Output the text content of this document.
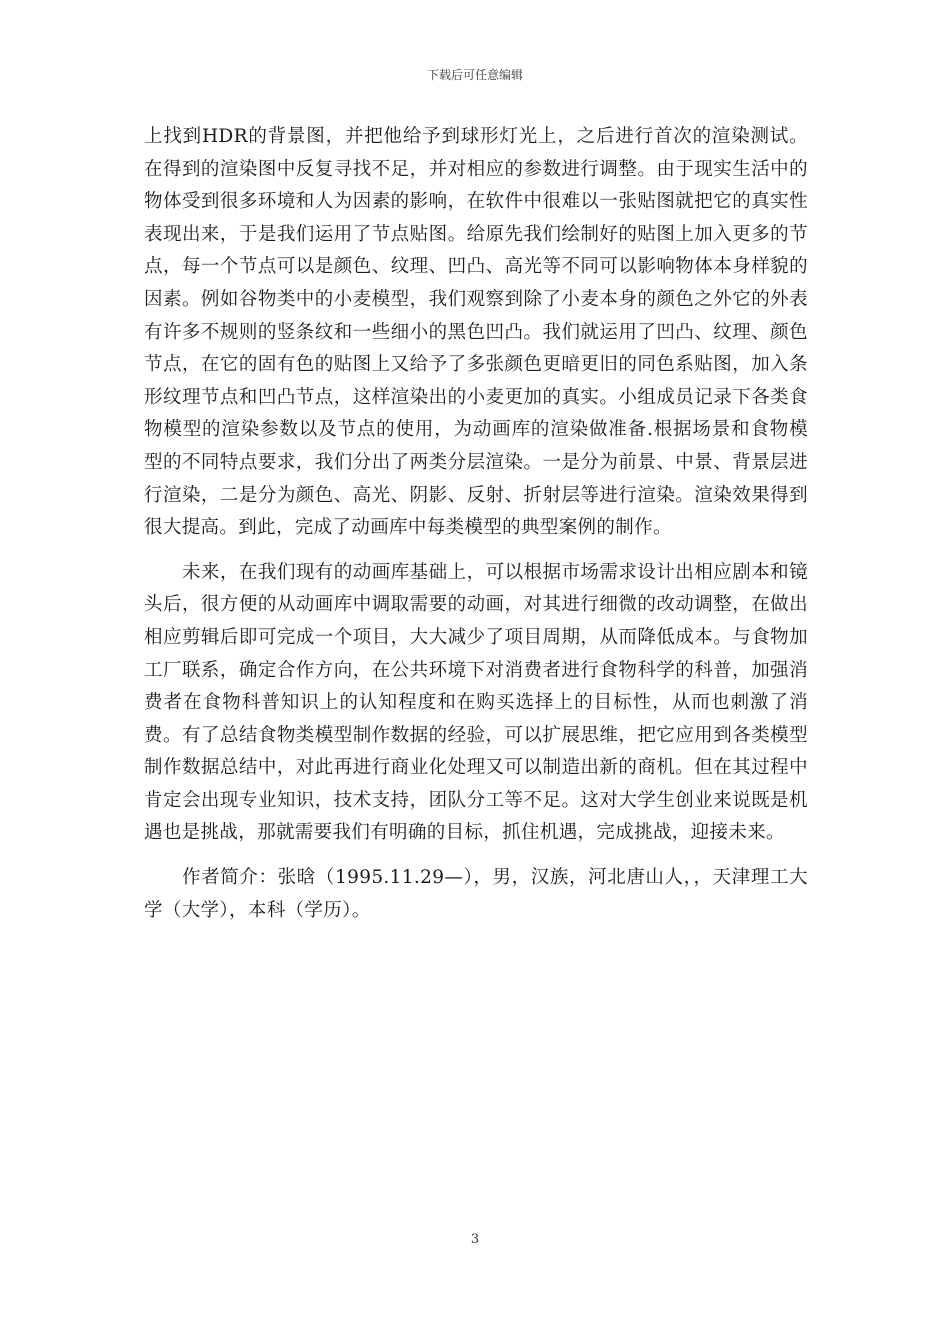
下载后可任意编辑

上找到HDR的背景图，并把他给予到球形灯光上，之后进行首次的渲染测试。在得到的渲染图中反复寻找不足，并对相应的参数进行调整。由于现实生活中的物体受到很多环境和人为因素的影响，在软件中很难以一张贴图就把它的真实性表现出来，于是我们运用了节点贴图。给原先我们绘制好的贴图上加入更多的节点，每一个节点可以是颜色、纹理、凹凸、高光等不同可以影响物体本身样貌的因素。例如谷物类中的小麦模型，我们观察到除了小麦本身的颜色之外它的外表有许多不规则的竖条纹和一些细小的黑色凹凸。我们就运用了凹凸、纹理、颜色节点，在它的固有色的贴图上又给予了多张颜色更暗更旧的同色系贴图，加入条形纹理节点和凹凸节点，这样渲染出的小麦更加的真实。小组成员记录下各类食物模型的渲染参数以及节点的使用，为动画库的渲染做准备.根据场景和食物模型的不同特点要求，我们分出了两类分层渲染。一是分为前景、中景、背景层进行渲染，二是分为颜色、高光、阴影、反射、折射层等进行渲染。渲染效果得到很大提高。到此，完成了动画库中每类模型的典型案例的制作。

未来，在我们现有的动画库基础上，可以根据市场需求设计出相应剧本和镜头后，很方便的从动画库中调取需要的动画，对其进行细微的改动调整，在做出相应剪辑后即可完成一个项目，大大减少了项目周期，从而降低成本。与食物加工厂联系，确定合作方向，在公共环境下对消费者进行食物科学的科普，加强消费者在食物科普知识上的认知程度和在购买选择上的目标性，从而也刺激了消费。有了总结食物类模型制作数据的经验，可以扩展思维，把它应用到各类模型制作数据总结中，对此再进行商业化处理又可以制造出新的商机。但在其过程中肯定会出现专业知识，技术支持，团队分工等不足。这对大学生创业来说既是机遇也是挑战，那就需要我们有明确的目标，抓住机遇，完成挑战，迎接未来。

作者简介：张晗（1995.11.29—），男，汉族，河北唐山人，，天津理工大学（大学），本科（学历）。

3
